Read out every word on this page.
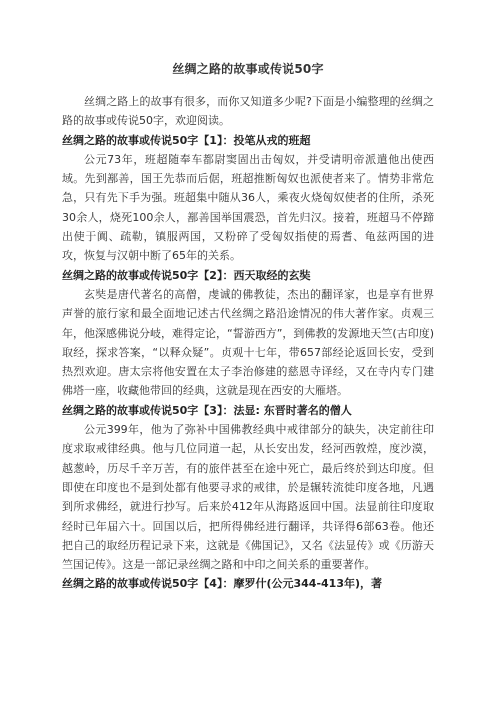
丝绸之路的故事或传说50字

丝绸之路上的故事有很多，而你又知道多少呢?下面是小编整理的丝绸之路的故事或传说50字，欢迎阅读。

丝绸之路的故事或传说50字【1】：投笔从戎的班超

公元73年，班超随奉车都尉窦固出击匈奴，并受请明帝派遣他出使西域。先到鄯善，国王先恭而后倨，班超推断匈奴也派使者来了。情势非常危急，只有先下手为强。班超集中随从36人，乘夜火烧匈奴使者的住所，杀死30余人，烧死100余人，鄯善国举国震恐，首先归汉。接着，班超马不停蹄出使于阗、疏勒，镇服两国，又粉碎了受匈奴指使的焉耆、龟兹两国的进攻，恢复与汉朝中断了65年的关系。

丝绸之路的故事或传说50字【2】：西天取经的玄奘

玄奘是唐代著名的高僧，虔诚的佛教徒，杰出的翻译家，也是享有世界声誉的旅行家和最全面地记述古代丝绸之路沿途情况的伟大著作家。贞观三年，他深感佛说分岐，难得定论，“誓游西方”，到佛教的发源地天竺(古印度)取经，探求答案，“以释众疑”。贞观十七年，带657部经论返回长安，受到热烈欢迎。唐太宗将他安置在太子李治修建的慈恩寺译经，又在寺内专门建佛塔一座，收藏他带回的经典，这就是现在西安的大雁塔。

丝绸之路的故事或传说50字【3】：法显: 东晋时著名的僧人

公元399年，他为了弥补中国佛教经典中戒律部分的缺失，决定前往印度求取戒律经典。他与几位同道一起，从长安出发，经河西敦煌，度沙漠，越葱岭，历尽千辛万苦，有的旅伴甚至在途中死亡，最后终於到达印度。但即使在印度也不是到处都有他要寻求的戒律，於是辗转流徙印度各地，凡遇到所求佛经，就进行抄写。后来於412年从海路返回中国。法显前往印度取经时已年届六十。回国以后，把所得佛经进行翻译，共译得6部63卷。他还把自己的取经历程记录下来，这就是《佛国记》，又名《法显传》或《历游天竺国记传》。这是一部记录丝绸之路和中印之间关系的重要著作。

丝绸之路的故事或传说50字【4】：摩罗什(公元344-413年)，著
